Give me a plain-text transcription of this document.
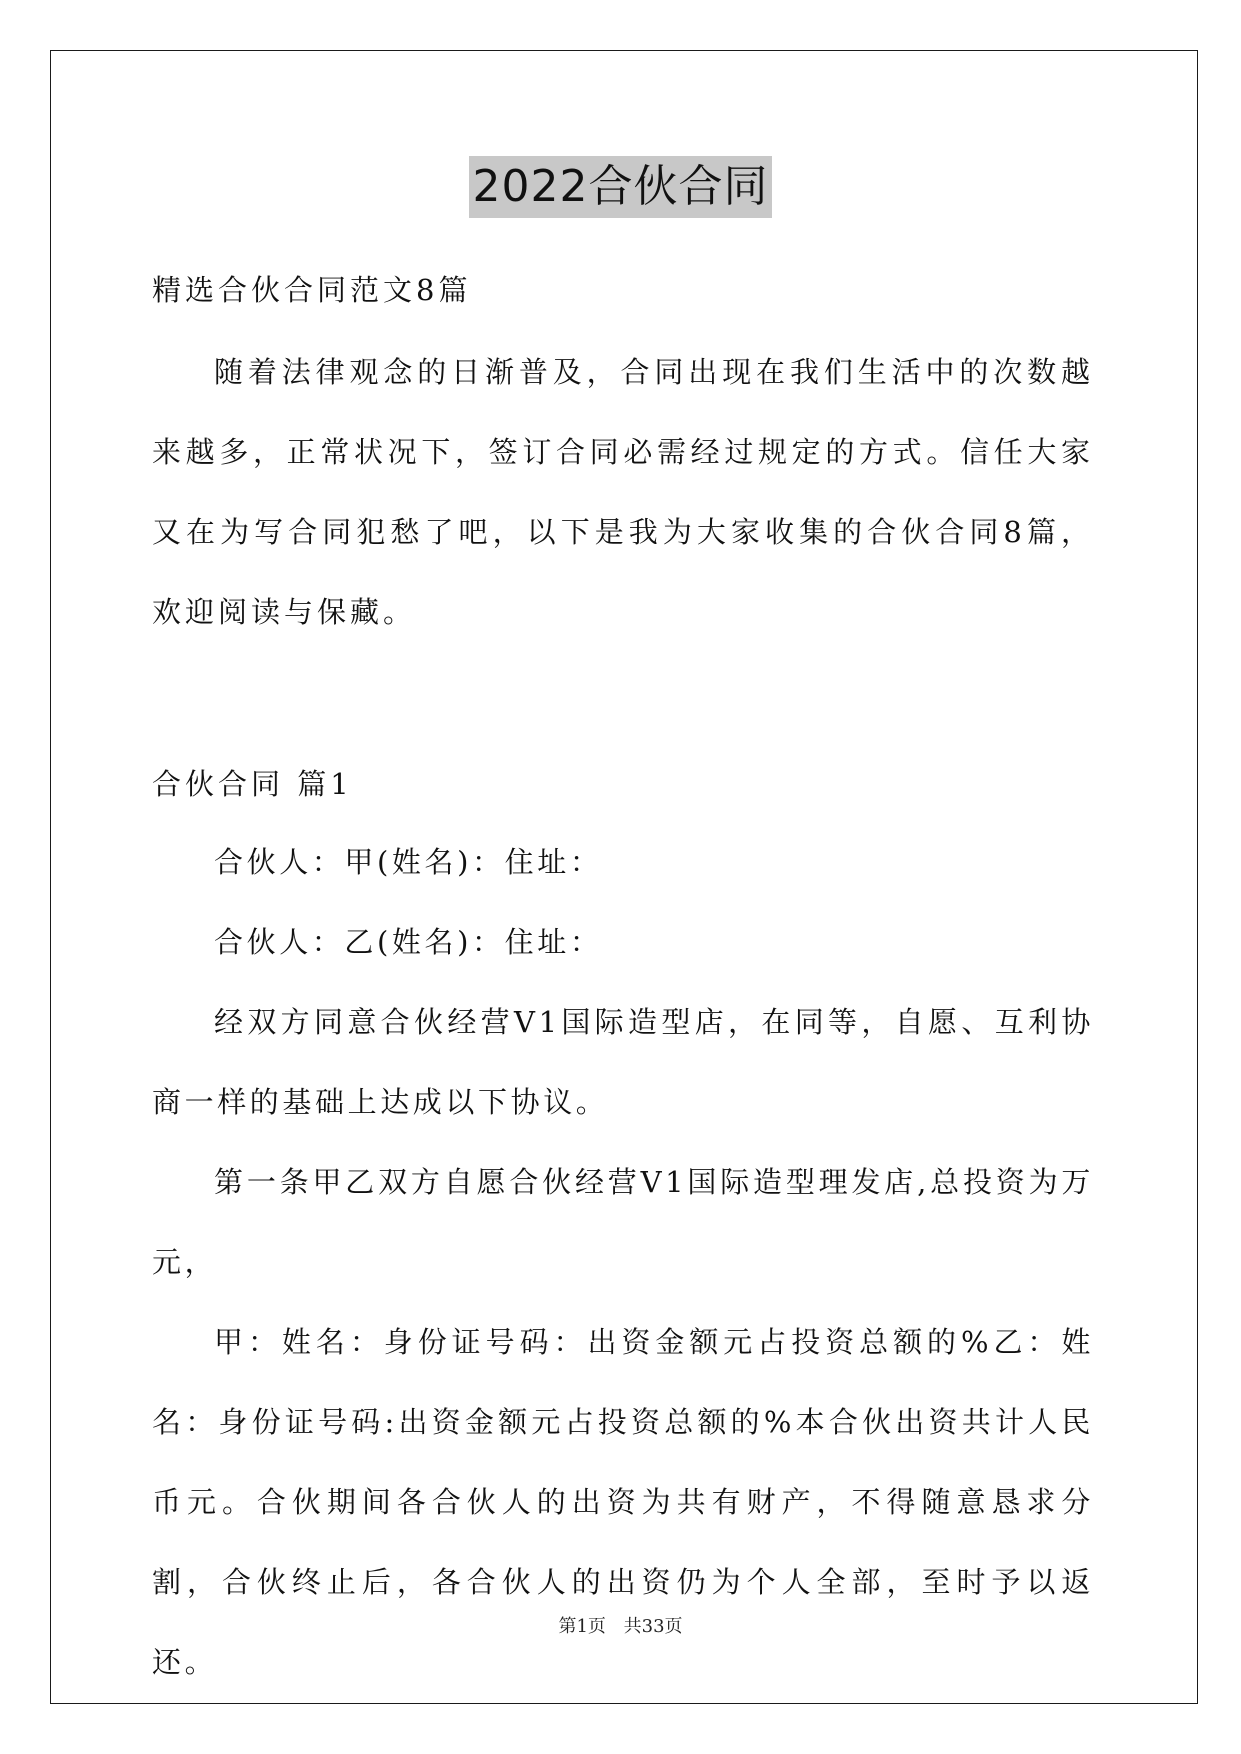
2022合伙合同
精选合伙合同范文8篇

随着法律观念的日渐普及，合同出现在我们生活中的次数越来越多，正常状况下，签订合同必需经过规定的方式。信任大家又在为写合同犯愁了吧，以下是我为大家收集的合伙合同8篇，欢迎阅读与保藏。

合伙合同 篇1

合伙人：甲(姓名)：住址：

合伙人：乙(姓名)：住址：

经双方同意合伙经营V1国际造型店，在同等，自愿、互利协商一样的基础上达成以下协议。

第一条甲乙双方自愿合伙经营V1国际造型理发店,总投资为万元，

甲：姓名：身份证号码：出资金额元占投资总额的%乙：姓名：身份证号码:出资金额元占投资总额的%本合伙出资共计人民币元。合伙期间各合伙人的出资为共有财产，不得随意恳求分割，合伙终止后，各合伙人的出资仍为个人全部，至时予以返还。

第1页 共33页
